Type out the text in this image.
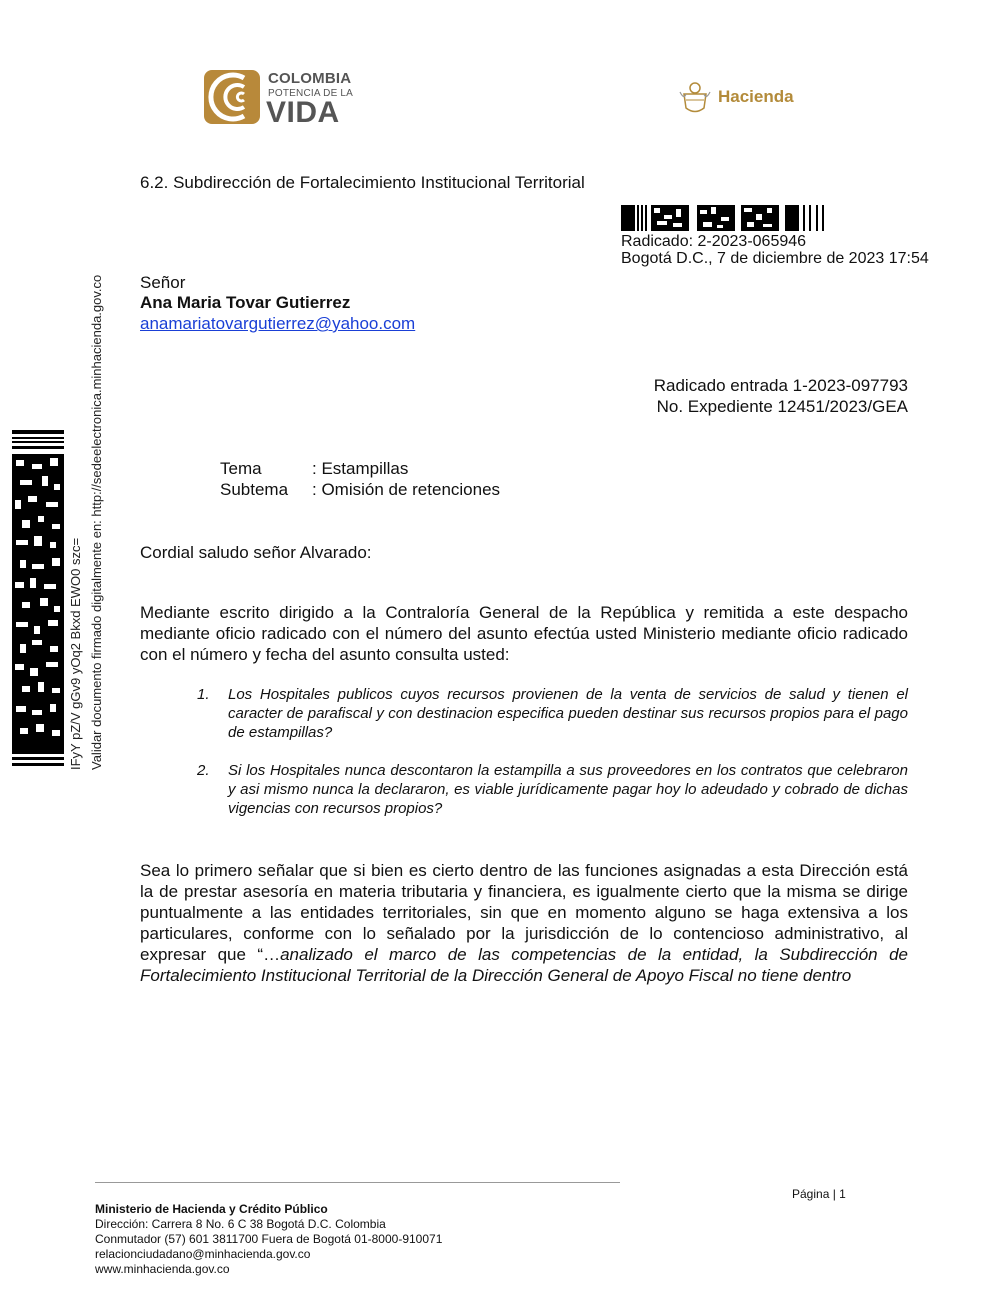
COLOMBIA
POTENCIA DE LA
VIDA	Hacienda
6.2. Subdirección de Fortalecimiento Institucional Territorial
Radicado: 2-2023-065946
Bogotá D.C., 7 de diciembre de 2023 17:54
Señor
Ana Maria Tovar Gutierrez
anamariatovargutierrez@yahoo.com
Radicado entrada 1-2023-097793
No. Expediente 12451/2023/GEA
Tema	: Estampillas
Subtema : Omisión de retenciones
Cordial saludo señor Alvarado:
Mediante escrito dirigido a la Contraloría General de la República y remitida a este despacho mediante oficio radicado con el número del asunto efectúa usted Ministerio mediante oficio radicado con el número y fecha del asunto consulta usted:
1. Los Hospitales publicos cuyos recursos provienen de la venta de servicios de salud y tienen el caracter de parafiscal y con destinacion especifica pueden destinar sus recursos propios para el pago de estampillas?
2. Si los Hospitales nunca descontaron la estampilla a sus proveedores en los contratos que celebraron y asi mismo nunca la declararon, es viable jurídicamente pagar hoy lo adeudado y cobrado de dichas vigencias con recursos propios?
Sea lo primero señalar que si bien es cierto dentro de las funciones asignadas a esta Dirección está la de prestar asesoría en materia tributaria y financiera, es igualmente cierto que la misma se dirige puntualmente a las entidades territoriales, sin que en momento alguno se haga extensiva a los particulares, conforme con lo señalado por la jurisdicción de lo contencioso administrativo, al expresar que “…analizado el marco de las competencias de la entidad, la Subdirección de Fortalecimiento Institucional Territorial de la Dirección General de Apoyo Fiscal no tiene dentro
IFyY pZ/V gGv9 yOq2 Bkxd EWO0 szc= Validar documento firmado digitalmente en: http://sedeelectronica.minhacienda.gov.co
Página | 1
Ministerio de Hacienda y Crédito Público
Dirección: Carrera 8 No. 6 C 38 Bogotá D.C. Colombia
Conmutador (57) 601 3811700 Fuera de Bogotá 01-8000-910071
relacionciudadano@minhacienda.gov.co
www.minhacienda.gov.co
